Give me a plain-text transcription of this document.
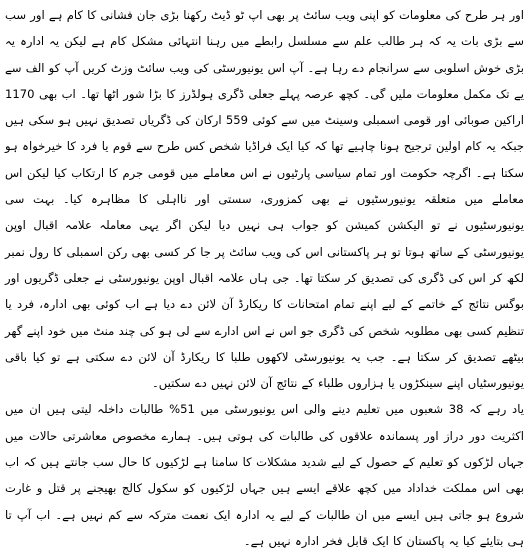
اور ہر طرح کی معلومات کو اپنی ویب سائٹ پر بھی اپ ٹو ڈیٹ رکھنا بڑی جان فشانی کا کام ہے اور سب سے بڑی بات یہ کہ ہر طالب علم سے مسلسل رابطے میں رہنا انتہائی مشکل کام ہے لیکن یہ ادارہ یہ بڑی خوش اسلوبی سے سرانجام دے رہا ہے۔ آپ اس یونیورسٹی کی ویب سائٹ وزٹ کریں آپ کو الف سے یے تک مکمل معلومات ملیں گی۔ کچھ عرصہ پہلے جعلی ڈگری ہولڈرز کا بڑا شور اٹھا تھا۔ اب بھی 1170 اراکین صوبائی اور قومی اسمبلی وسینٹ میں سے کوئی 559 ارکان کی ڈگریاں تصدیق نہیں ہو سکی ہیں جبکہ یہ کام اولین ترجیح ہونا چاہیے تھا کہ کیا ایک فراڈیا شخص کس طرح سے قوم یا فرد کا خیرخواہ ہو سکتا ہے۔ اگرچہ حکومت اور تمام سیاسی پارٹیوں نے اس معاملے میں قومی جرم کا ارتکاب کیا لیکن اس معاملے میں متعلقہ یونیورسٹیوں نے بھی کمزوری، سستی اور نااہلی کا مظاہرہ کیا۔ بہت سی یونیورسٹیوں نے تو الیکشن کمیشن کو جواب ہی نہیں دیا لیکن اگر یہی معاملہ علامہ اقبال اوپن یونیورسٹی کے ساتھ ہوتا تو ہر پاکستانی اس کی ویب سائٹ پر جا کر کسی بھی رکن اسمبلی کا رول نمبر لکھ کر اس کی ڈگری کی تصدیق کر سکتا تھا۔ جی ہاں علامہ اقبال اوپن یونیورسٹی نے جعلی ڈگریوں اور بوگس نتائج کے خاتمے کے لیے اپنے تمام امتحانات کا ریکارڈ آن لائن دے دیا ہے اب کوئی بھی ادارہ، فرد یا تنظیم کسی بھی مطلوبہ شخص کی ڈگری جو اس نے اس ادارے سے لی ہو کی چند منٹ میں خود اپنے گھر بیٹھے تصدیق کر سکتا ہے۔ جب یہ یونیورسٹی لاکھوں طلبا کا ریکارڈ آن لائن دے سکتی ہے تو کیا باقی یونیورسٹیاں اپنے سینکڑوں یا ہزاروں طلباء کے نتائج آن لائن نہیں دے سکتیں۔

یاد رہے کہ 38 شعبوں میں تعلیم دینے والی اس یونیورسٹی میں 51% طالبات داخلہ لیتی ہیں ان میں اکثریت دور دراز اور پسماندہ علاقوں کی طالبات کی ہوتی ہیں۔ ہمارے مخصوص معاشرتی حالات میں جہاں لڑکوں کو تعلیم کے حصول کے لیے شدید مشکلات کا سامنا ہے لڑکیوں کا حال سب جانتے ہیں کہ اب بھی اس مملکت خداداد میں کچھ علاقے ایسے ہیں جہاں لڑکیوں کو سکول کالج بھیجنے پر قتل و غارت شروع ہو جاتی ہیں ایسے میں ان طالبات کے لیے یہ ادارہ ایک نعمت مترکہ سے کم نہیں ہے۔ اب آپ تا ہی بتایئے کیا یہ پاکستان کا ایک قابل فخر ادارہ نہیں ہے۔
